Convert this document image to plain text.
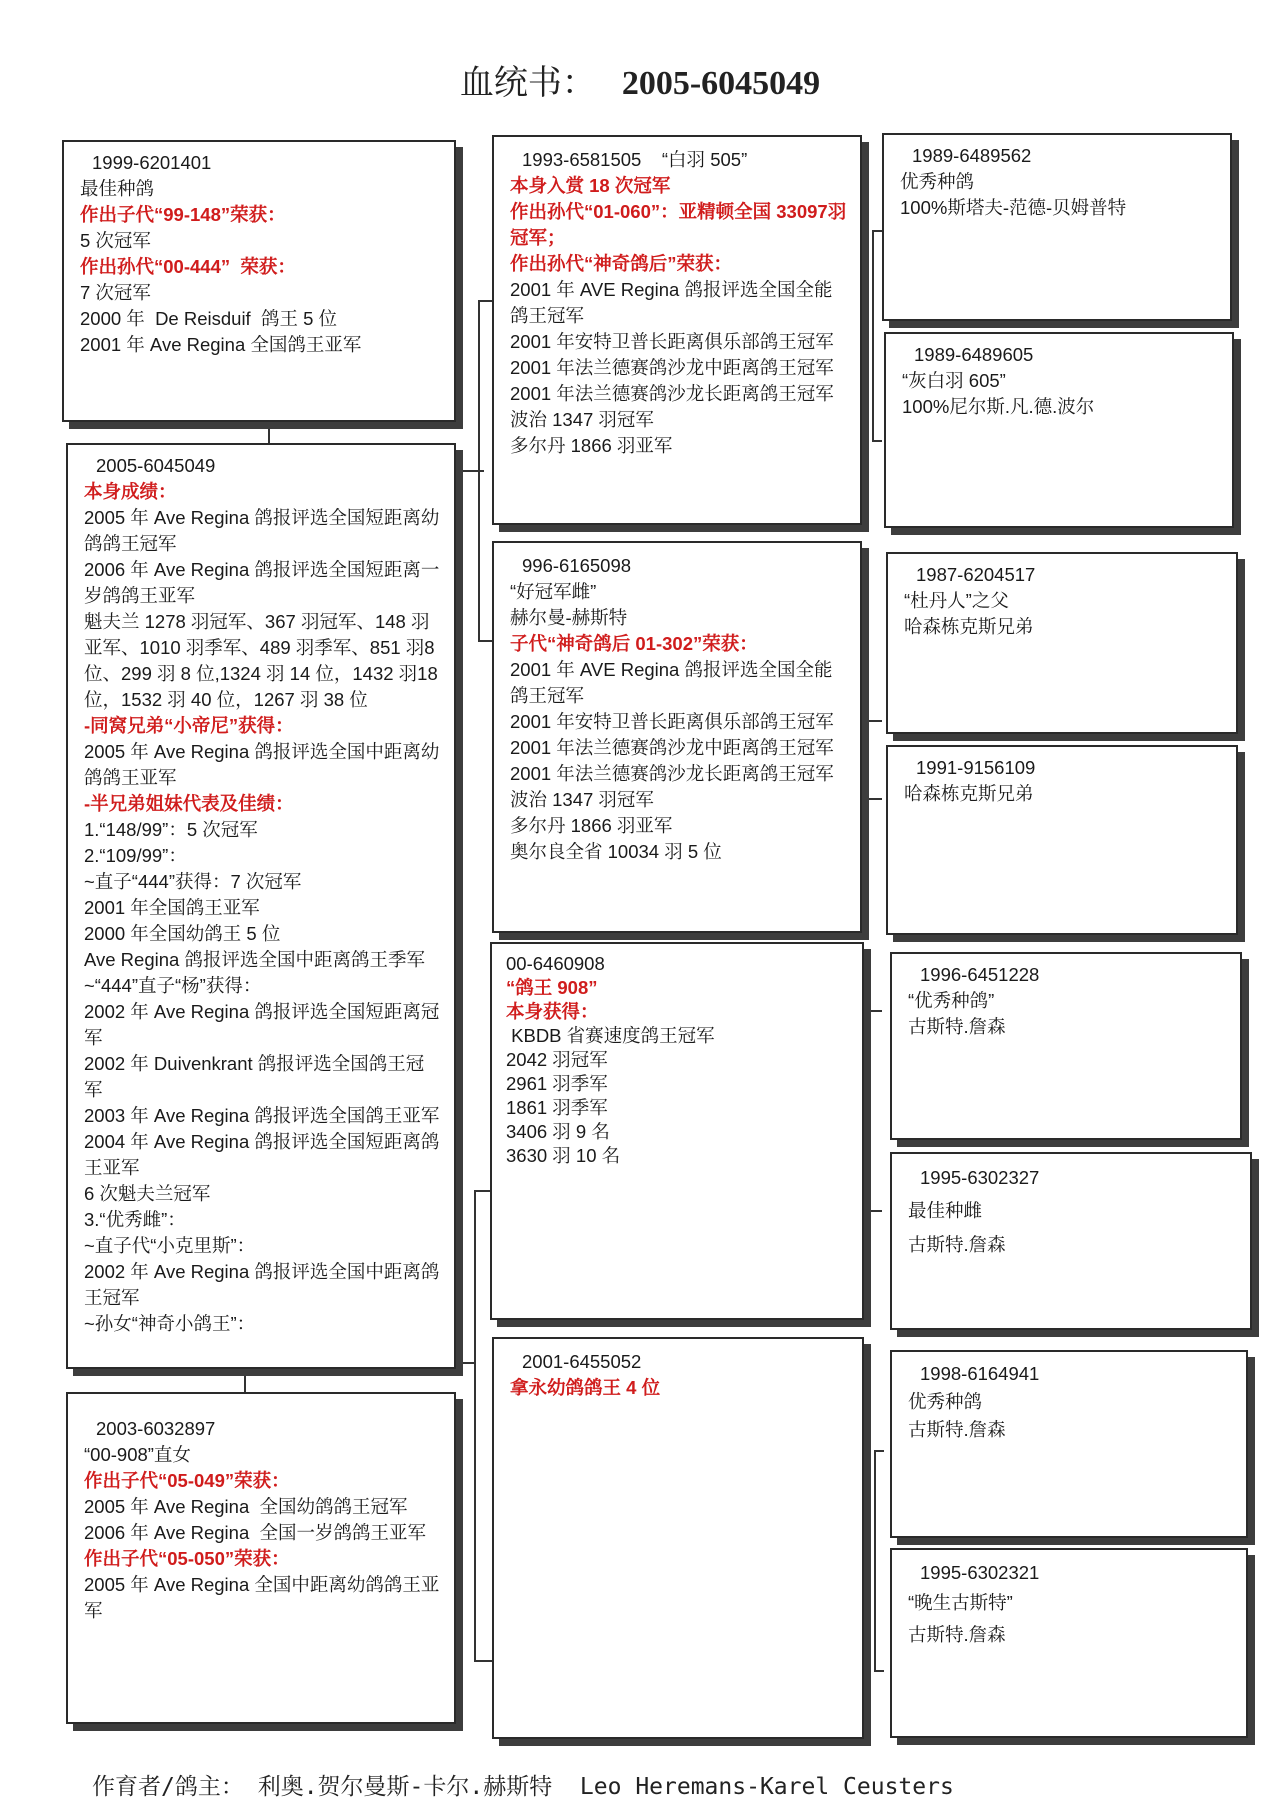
血统书： 2005-6045049
1999-6201401
最佳种鸽
作出子代“99-148”荣获：
5 次冠军
作出孙代“00-444”  荣获：
7 次冠军
2000 年  De Reisduif  鸽王 5 位
2001 年 Ave Regina 全国鸽王亚军
2005-6045049
本身成绩：
2005 年 Ave Regina 鸽报评选全国短距离幼鸽鸽王冠军
2006 年 Ave Regina 鸽报评选全国短距离一岁鸽鸽王亚军
魁夫兰 1278 羽冠军、367 羽冠军、148 羽亚军、1010 羽季军、489 羽季军、851 羽8 位、299 羽 8 位,1324 羽 14 位，1432 羽18 位，1532 羽 40 位，1267 羽 38 位
-同窝兄弟“小帝尼”获得：
2005 年 Ave Regina 鸽报评选全国中距离幼鸽鸽王亚军
-半兄弟姐妹代表及佳绩：
1.“148/99”：5 次冠军
2.“109/99”：
~直子“444”获得：7 次冠军
2001 年全国鸽王亚军
2000 年全国幼鸽王 5 位
Ave Regina 鸽报评选全国中距离鸽王季军
~“444”直子“杨”获得：
2002 年 Ave Regina 鸽报评选全国短距离冠军
2002 年 Duivenkrant 鸽报评选全国鸽王冠军
2003 年 Ave Regina 鸽报评选全国鸽王亚军
2004 年 Ave Regina 鸽报评选全国短距离鸽王亚军
6 次魁夫兰冠军
3.“优秀雌”：
~直子代“小克里斯”：
2002 年 Ave Regina 鸽报评选全国中距离鸽王冠军
~孙女“神奇小鸽王”：
2003-6032897
“00-908”直女
作出子代“05-049”荣获：
2005 年 Ave Regina  全国幼鸽鸽王冠军
2006 年 Ave Regina  全国一岁鸽鸽王亚军
作出子代“05-050”荣获：
2005 年 Ave Regina 全国中距离幼鸽鸽王亚军
1993-6581505    “白羽 505”
本身入赏 18 次冠军
作出孙代“01-060”：亚精顿全国 33097羽冠军；
作出孙代“神奇鸽后”荣获：
2001 年 AVE Regina 鸽报评选全国全能鸽王冠军
2001 年安特卫普长距离俱乐部鸽王冠军
2001 年法兰德赛鸽沙龙中距离鸽王冠军
2001 年法兰德赛鸽沙龙长距离鸽王冠军
波治 1347 羽冠军
多尔丹 1866 羽亚军
996-6165098
“好冠军雌”
赫尔曼-赫斯特
子代“神奇鸽后 01-302”荣获：
2001 年 AVE Regina 鸽报评选全国全能鸽王冠军
2001 年安特卫普长距离俱乐部鸽王冠军
2001 年法兰德赛鸽沙龙中距离鸽王冠军
2001 年法兰德赛鸽沙龙长距离鸽王冠军
波治 1347 羽冠军
多尔丹 1866 羽亚军
奥尔良全省 10034 羽 5 位
00-6460908
“鸽王 908”
本身获得：
KBDB 省赛速度鸽王冠军
2042 羽冠军
2961 羽季军
1861 羽季军
3406 羽 9 名
3630 羽 10 名
2001-6455052
拿永幼鸽鸽王 4 位
1989-6489562
优秀种鸽
100%斯塔夫-范德-贝姆普特
1989-6489605
“灰白羽 605”
100%尼尔斯.凡.德.波尔
1987-6204517
“杜丹人”之父
哈森栋克斯兄弟
1991-9156109
哈森栋克斯兄弟
1996-6451228
“优秀种鸽”
古斯特.詹森
1995-6302327
最佳种雌
古斯特.詹森
1998-6164941
优秀种鸽
古斯特.詹森
1995-6302321
“晚生古斯特”
古斯特.詹森
作育者/鸽主： 利奥.贺尔曼斯-卡尔.赫斯特  Leo Heremans-Karel Ceusters
